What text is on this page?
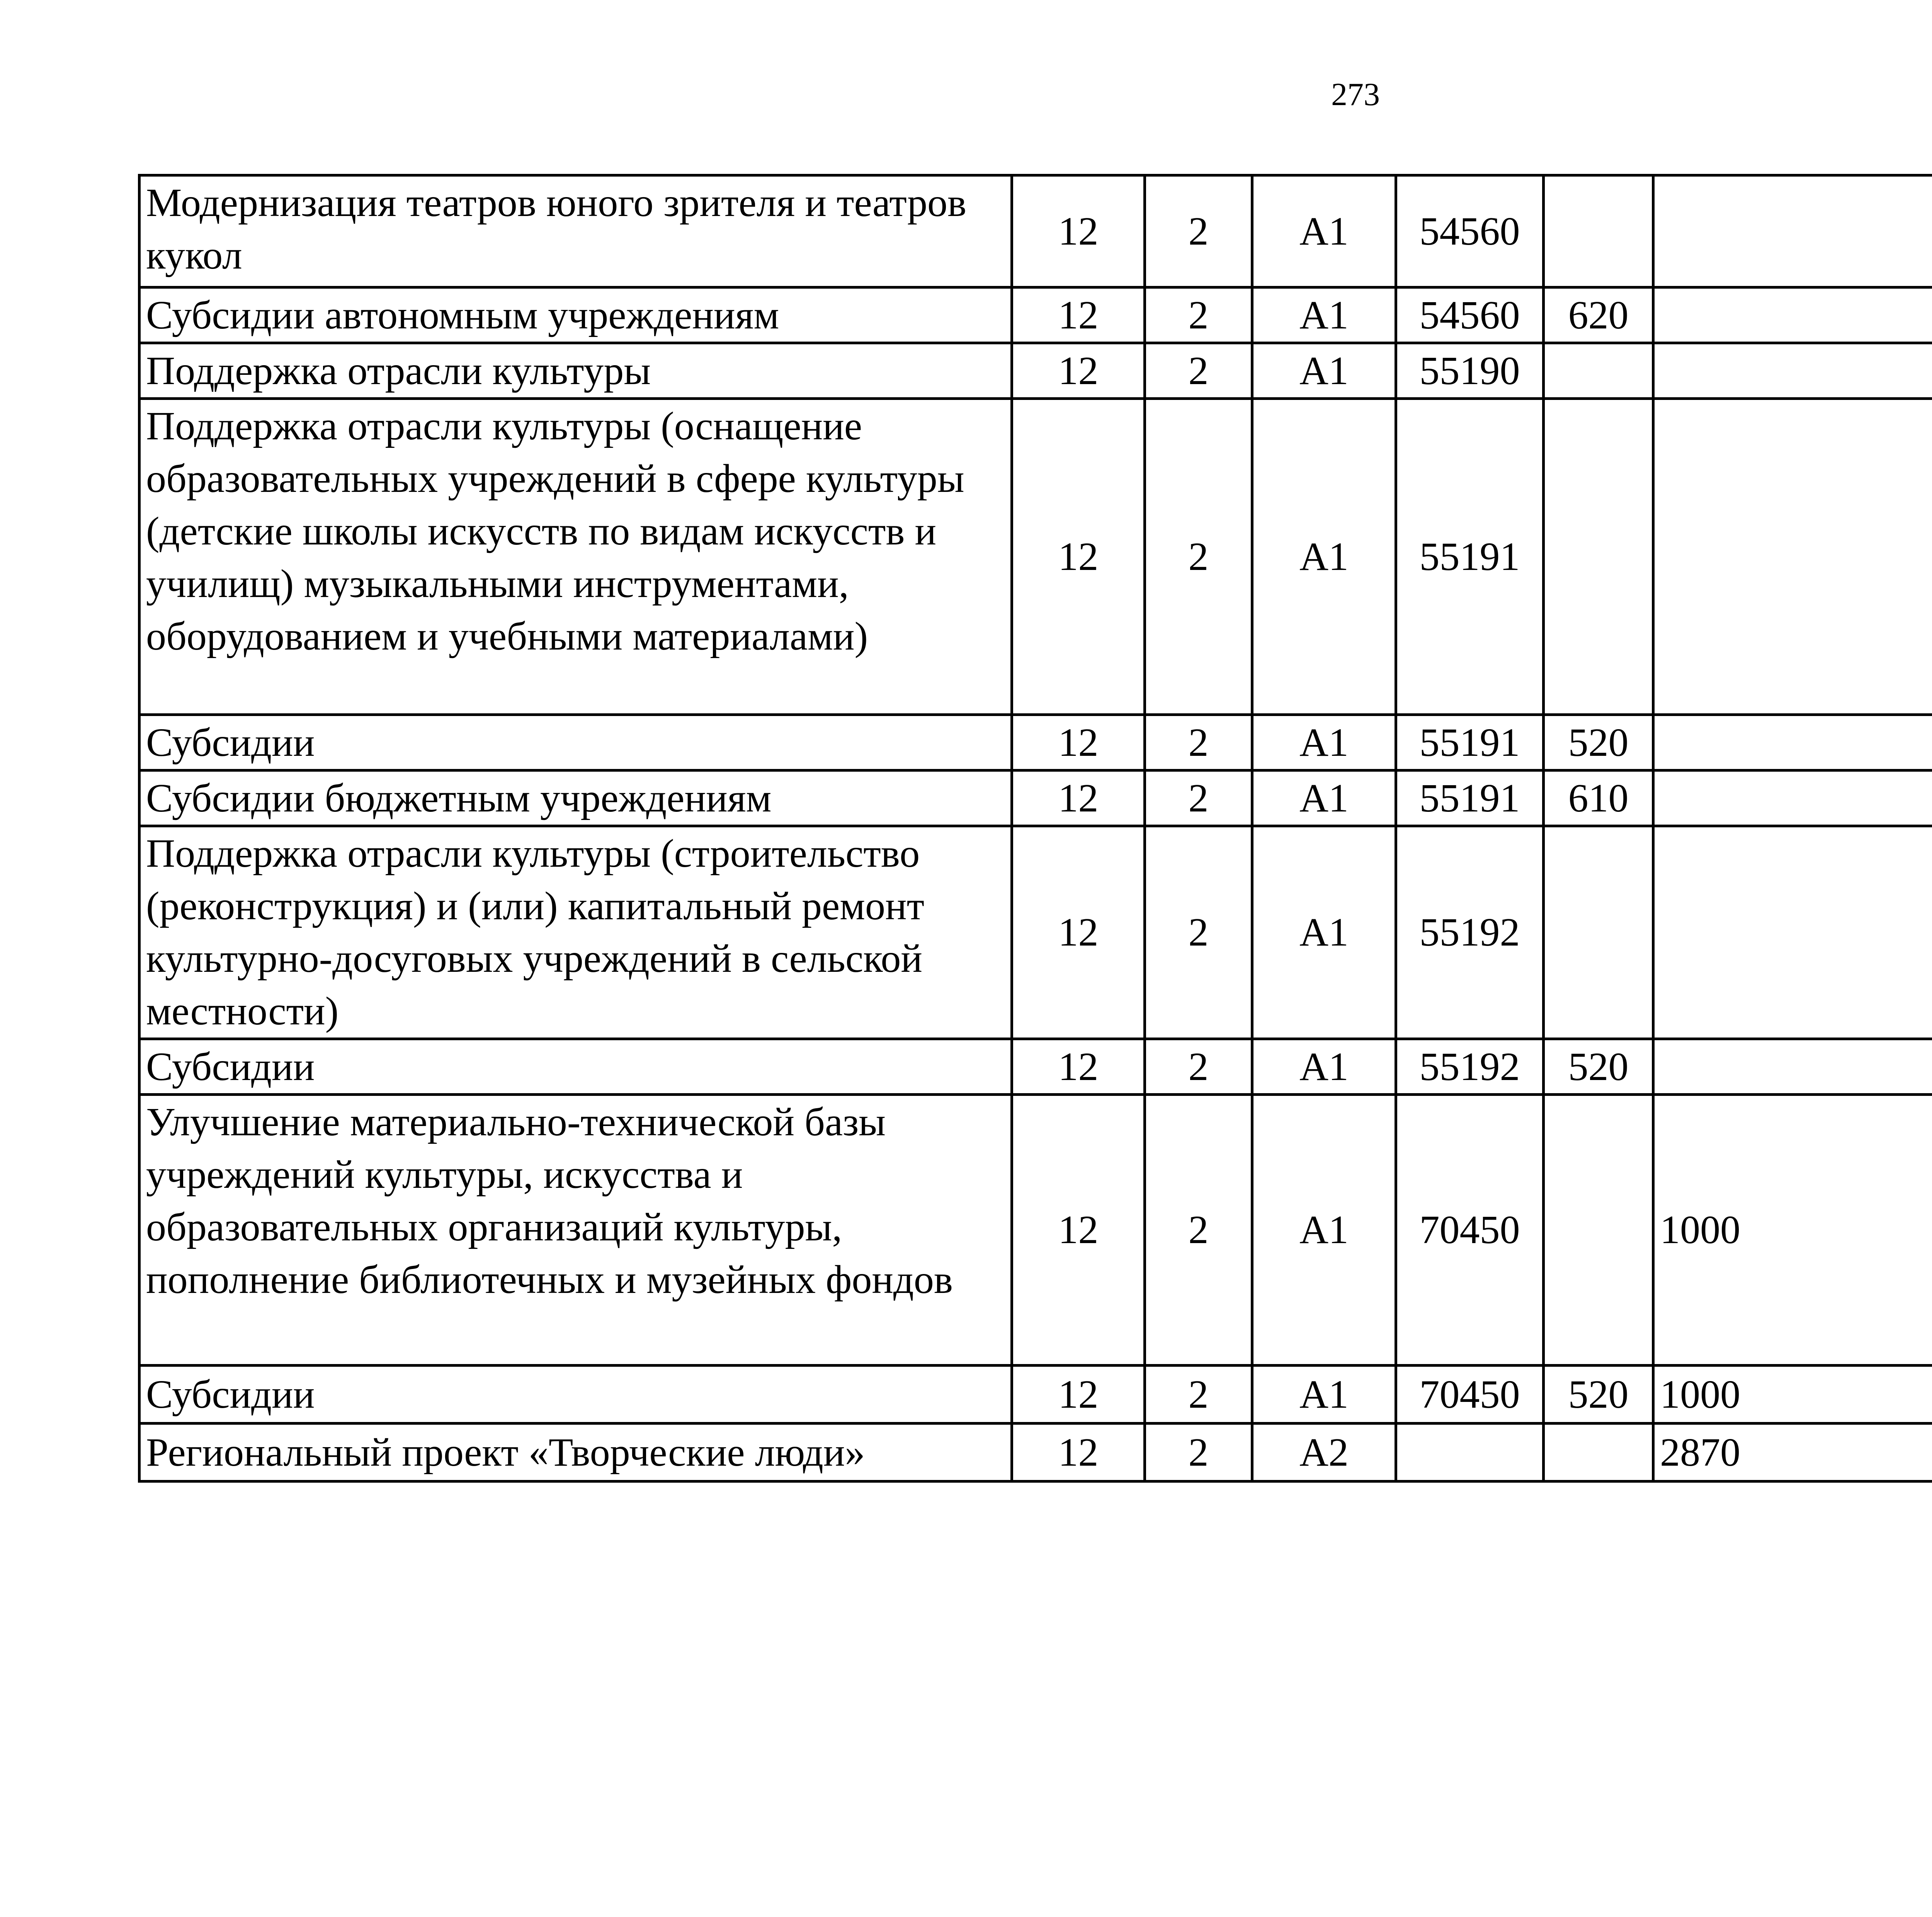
273
Модернизация театров юного зрителя и театров кукол	12	2	А1	54560				
Субсидии автономным учреждениям	12	2	А1	54560	620			
Поддержка отрасли культуры	12	2	А1	55190				
Поддержка отрасли культуры (оснащение образовательных учреждений в сфере культуры (детские школы искусств по видам искусств и училищ) музыкальными инструментами, оборудованием и учебными материалами)	12	2	А1	55191				
Субсидии	12	2	А1	55191	520			
Субсидии бюджетным учреждениям	12	2	А1	55191	610			
Поддержка отрасли культуры (строительство (реконструкция) и (или) капитальный ремонт культурно-досуговых учреждений в сельской местности)	12	2	А1	55192				
Субсидии	12	2	А1	55192	520			
Улучшение материально-технической базы учреждений культуры, искусства и образовательных организаций культуры, пополнение библиотечных и музейных фондов	12	2	А1	70450		1000		
Субсидии	12	2	А1	70450	520	1000		
Региональный проект «Творческие люди»	12	2	А2			2870		
